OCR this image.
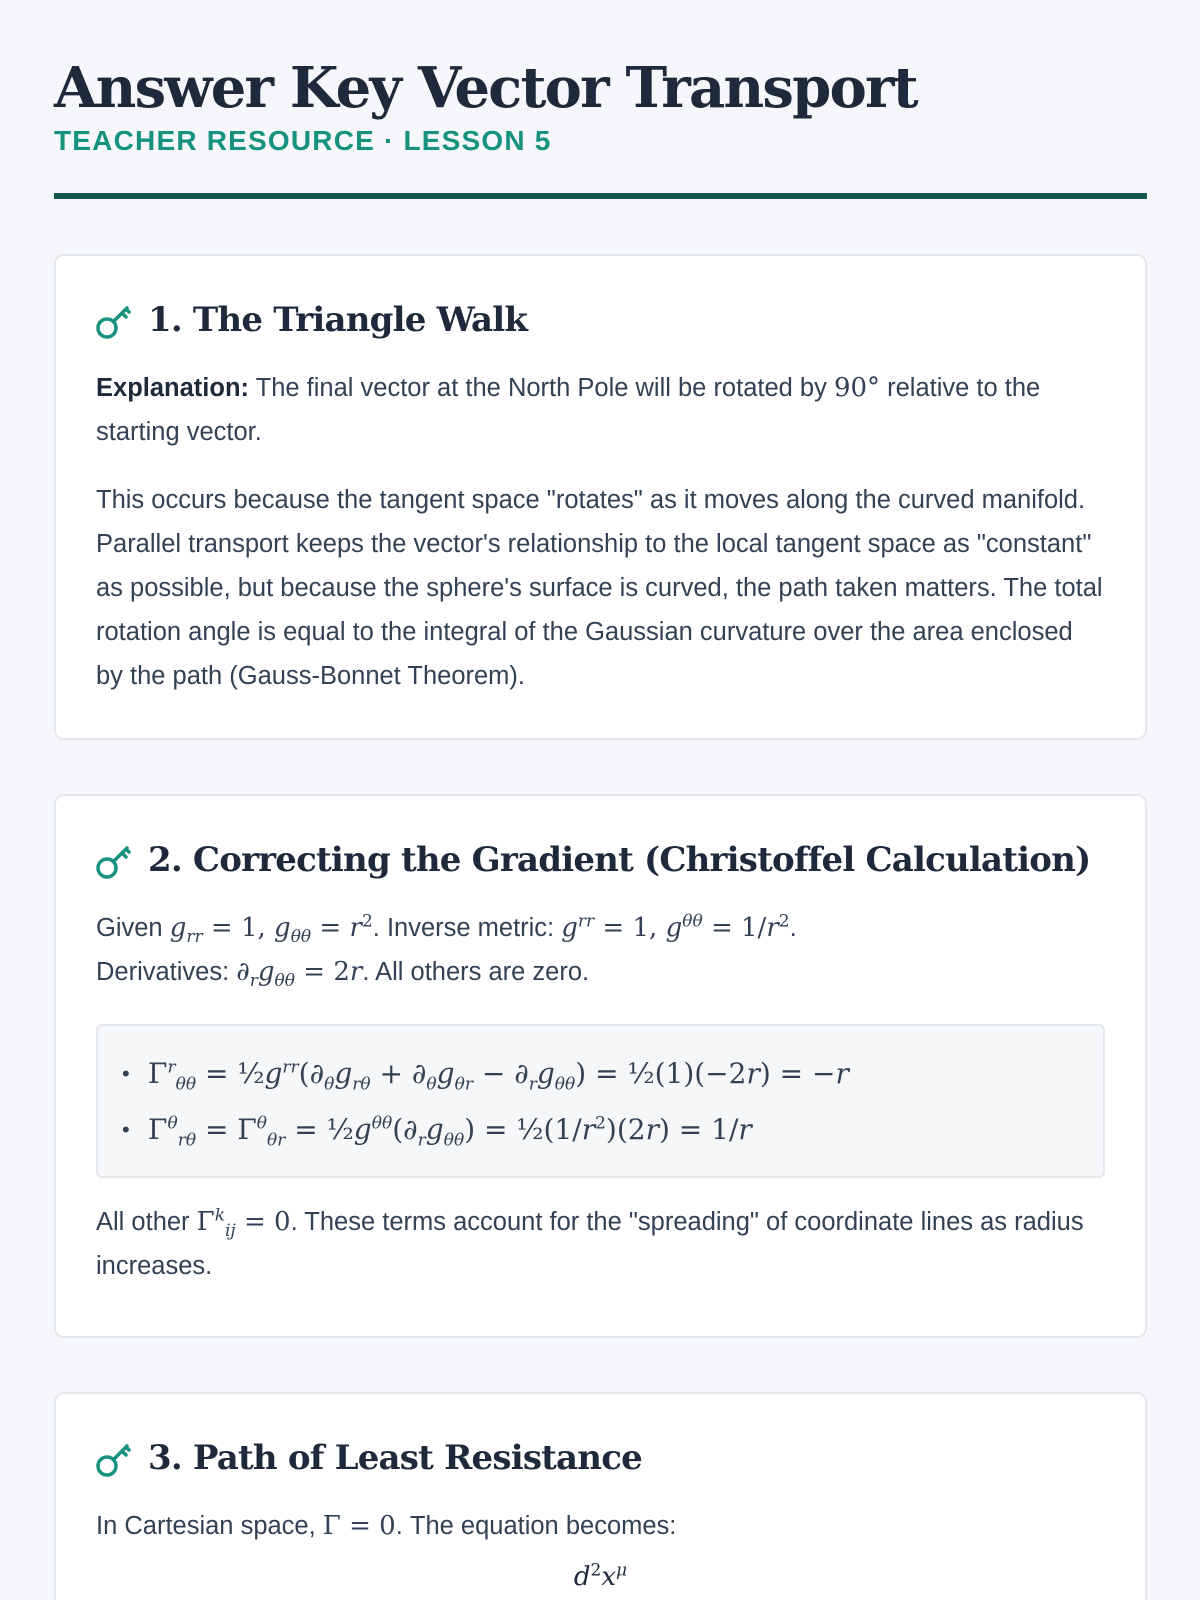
Answer Key Vector Transport
TEACHER RESOURCE · LESSON 5
1. The Triangle Walk

Explanation: The final vector at the North Pole will be rotated by 90° relative to the starting vector.

This occurs because the tangent space "rotates" as it moves along the curved manifold. Parallel transport keeps the vector's relationship to the local tangent space as "constant" as possible, but because the sphere's surface is curved, the path taken matters. The total rotation angle is equal to the integral of the Gaussian curvature over the area enclosed by the path (Gauss-Bonnet Theorem).

2. Correcting the Gradient (Christoffel Calculation)

Given $g_{rr} = 1$, $g_{\theta\theta} = r^2$. Inverse metric: $g^{rr} = 1$, $g^{\theta\theta} = 1/r^2$.
Derivatives: $\partial_rg_{\theta\theta} = 2r$. All others are zero.

• $\Gamma^r_{\theta\theta}$ = $\frac{1}{2}g^{rr}(\partial_\theta g_{r\theta} + \partial_\theta g_{\theta r} - \partial_rg_{\theta\theta})$ = ½(1)(−2r) = −r
• $\Gamma^\theta_{r\theta} = \Gamma^\theta_{\theta r}$ = $\frac{1}{2}g^{\theta\theta}(\partial_rg_{\theta\theta})$ = $\frac{1}{2}(1/r^2)(2r) = 1/r$

All other $\Gamma^k_{ij} = 0$. These terms account for the "spreading" of coordinate lines as radius increases.

3. Path of Least Resistance

In Cartesian space, Γ = 0. The equation becomes:

$d^2x^\mu$
